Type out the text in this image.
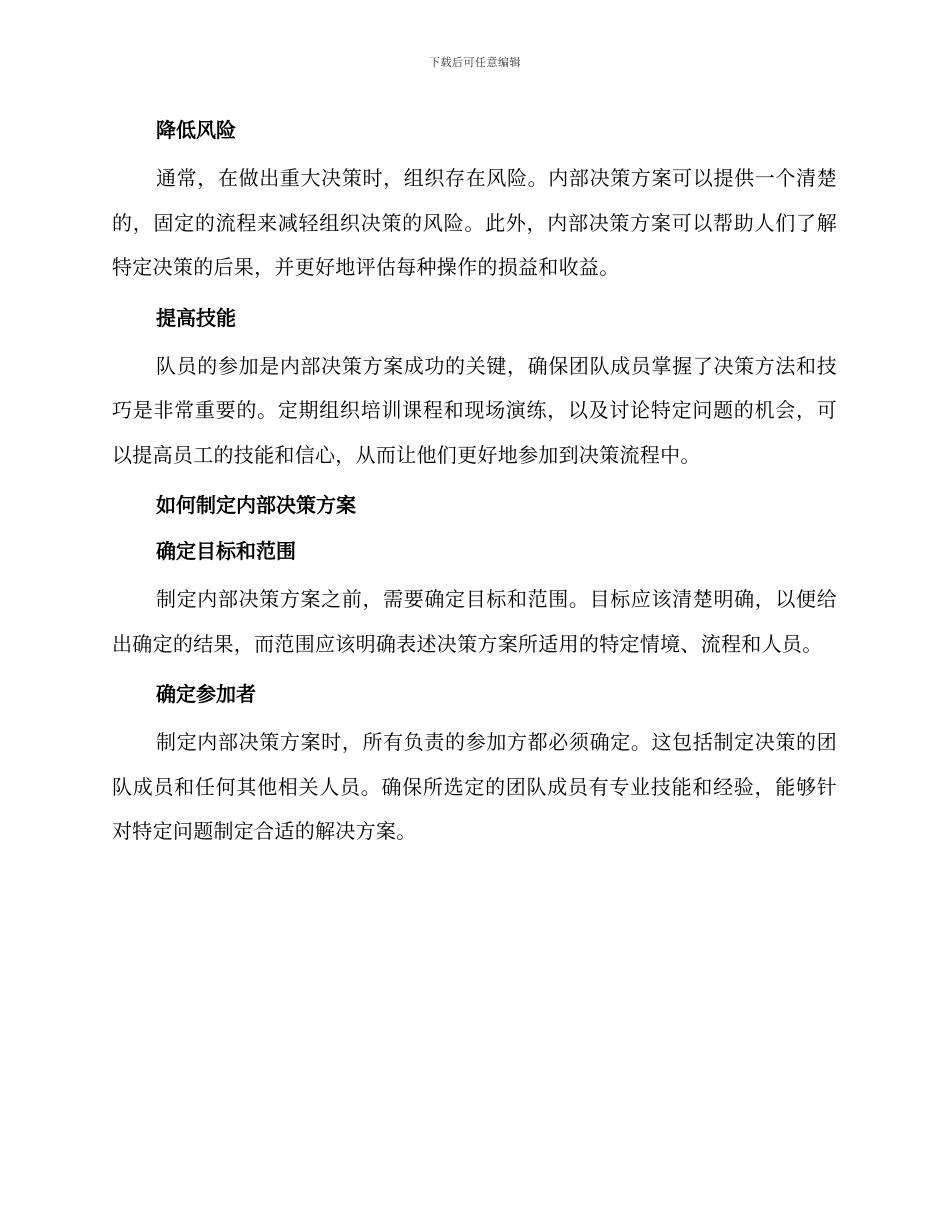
下载后可任意编辑
降低风险

通常，在做出重大决策时，组织存在风险。内部决策方案可以提供一个清楚的，固定的流程来减轻组织决策的风险。此外，内部决策方案可以帮助人们了解特定决策的后果，并更好地评估每种操作的损益和收益。

提高技能

队员的参加是内部决策方案成功的关键，确保团队成员掌握了决策方法和技巧是非常重要的。定期组织培训课程和现场演练，以及讨论特定问题的机会，可以提高员工的技能和信心，从而让他们更好地参加到决策流程中。

如何制定内部决策方案
确定目标和范围

制定内部决策方案之前，需要确定目标和范围。目标应该清楚明确，以便给出确定的结果，而范围应该明确表述决策方案所适用的特定情境、流程和人员。

确定参加者

制定内部决策方案时，所有负责的参加方都必须确定。这包括制定决策的团队成员和任何其他相关人员。确保所选定的团队成员有专业技能和经验，能够针对特定问题制定合适的解决方案。
